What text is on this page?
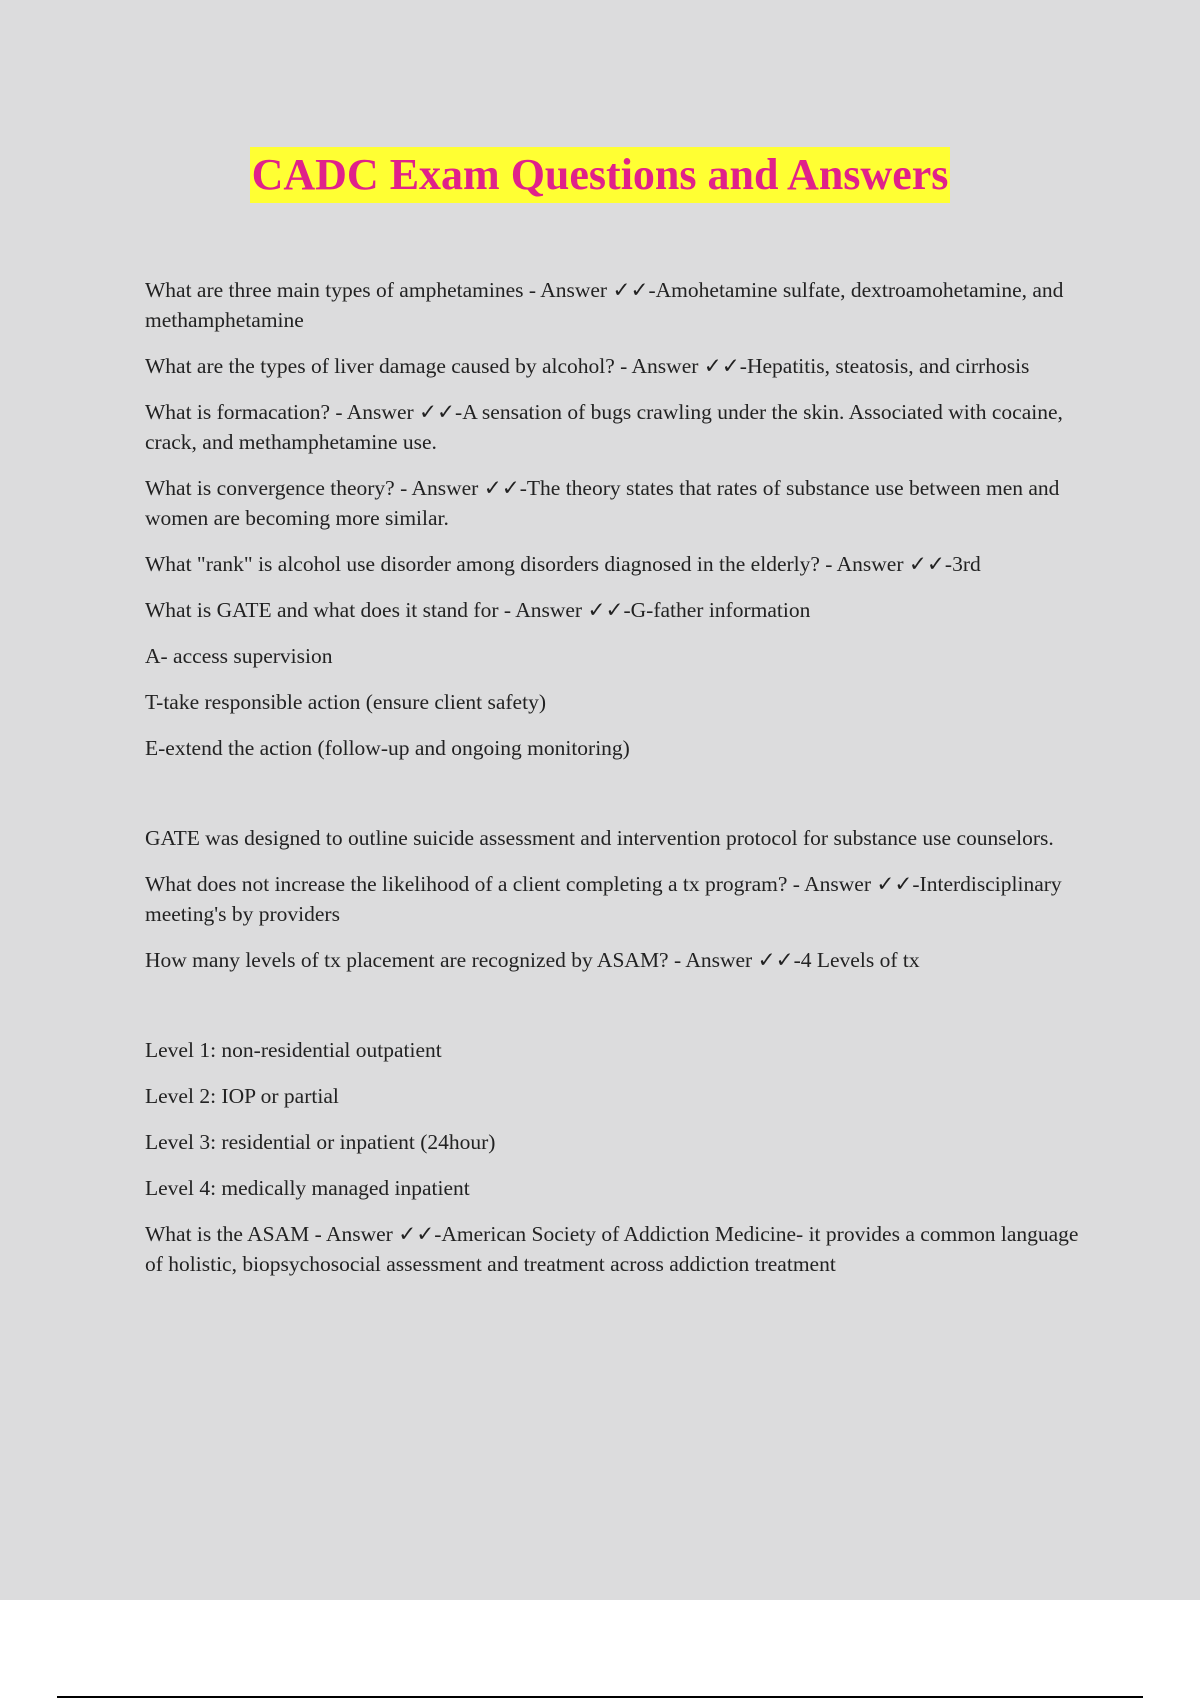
CADC Exam Questions and Answers

What are three main types of amphetamines - Answer ✓✓-Amohetamine sulfate, dextroamohetamine, and methamphetamine

What are the types of liver damage caused by alcohol? - Answer ✓✓-Hepatitis, steatosis, and cirrhosis

What is formacation? - Answer ✓✓-A sensation of bugs crawling under the skin. Associated with cocaine, crack, and methamphetamine use.

What is convergence theory? - Answer ✓✓-The theory states that rates of substance use between men and women are becoming more similar.

What "rank" is alcohol use disorder among disorders diagnosed in the elderly? - Answer ✓✓-3rd

What is GATE and what does it stand for - Answer ✓✓-G-father information

A- access supervision

T-take responsible action (ensure client safety)

E-extend the action (follow-up and ongoing monitoring)

GATE was designed to outline suicide assessment and intervention protocol for substance use counselors.

What does not increase the likelihood of a client completing a tx program? - Answer ✓✓-Interdisciplinary meeting's by providers

How many levels of tx placement are recognized by ASAM? - Answer ✓✓-4 Levels of tx

Level 1: non-residential outpatient

Level 2: IOP or partial

Level 3: residential or inpatient (24hour)

Level 4: medically managed inpatient

What is the ASAM - Answer ✓✓-American Society of Addiction Medicine- it provides a common language of holistic, biopsychosocial assessment and treatment across addiction treatment
